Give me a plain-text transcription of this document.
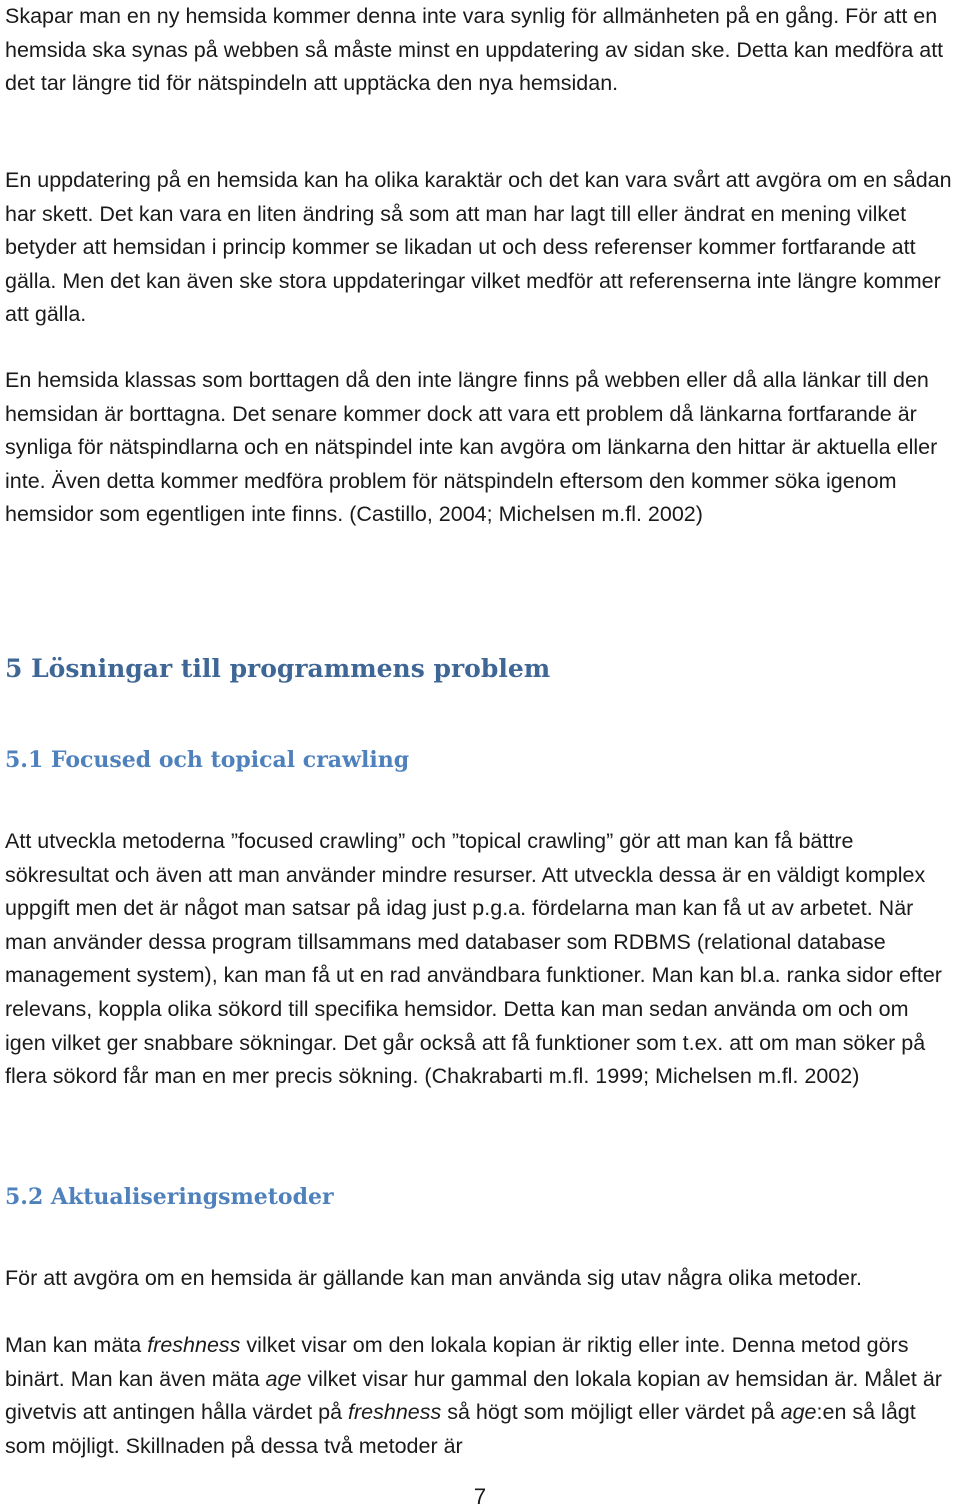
Skapar man en ny hemsida kommer denna inte vara synlig för allmänheten på en gång. För att en hemsida ska synas på webben så måste minst en uppdatering av sidan ske. Detta kan medföra att det tar längre tid för nätspindeln att upptäcka den nya hemsidan.

En uppdatering på en hemsida kan ha olika karaktär och det kan vara svårt att avgöra om en sådan har skett. Det kan vara en liten ändring så som att man har lagt till eller ändrat en mening vilket betyder att hemsidan i princip kommer se likadan ut och dess referenser kommer fortfarande att gälla. Men det kan även ske stora uppdateringar vilket medför att referenserna inte längre kommer att gälla.

En hemsida klassas som borttagen då den inte längre finns på webben eller då alla länkar till den hemsidan är borttagna. Det senare kommer dock att vara ett problem då länkarna fortfarande är synliga för nätspindlarna och en nätspindel inte kan avgöra om länkarna den hittar är aktuella eller inte. Även detta kommer medföra problem för nätspindeln eftersom den kommer söka igenom hemsidor som egentligen inte finns. (Castillo, 2004; Michelsen m.fl. 2002)

5 Lösningar till programmens problem
5.1 Focused och topical crawling

Att utveckla metoderna ”focused crawling” och ”topical crawling” gör att man kan få bättre sökresultat och även att man använder mindre resurser. Att utveckla dessa är en väldigt komplex uppgift men det är något man satsar på idag just p.g.a. fördelarna man kan få ut av arbetet. När man använder dessa program tillsammans med databaser som RDBMS (relational database management system), kan man få ut en rad användbara funktioner. Man kan bl.a. ranka sidor efter relevans, koppla olika sökord till specifika hemsidor. Detta kan man sedan använda om och om igen vilket ger snabbare sökningar. Det går också att få funktioner som t.ex. att om man söker på flera sökord får man en mer precis sökning. (Chakrabarti m.fl. 1999; Michelsen m.fl. 2002)

5.2 Aktualiseringsmetoder

För att avgöra om en hemsida är gällande kan man använda sig utav några olika metoder.

Man kan mäta freshness vilket visar om den lokala kopian är riktig eller inte. Denna metod görs binärt. Man kan även mäta age vilket visar hur gammal den lokala kopian av hemsidan är. Målet är givetvis att antingen hålla värdet på freshness så högt som möjligt eller värdet på age:en så lågt som möjligt. Skillnaden på dessa två metoder är

7
